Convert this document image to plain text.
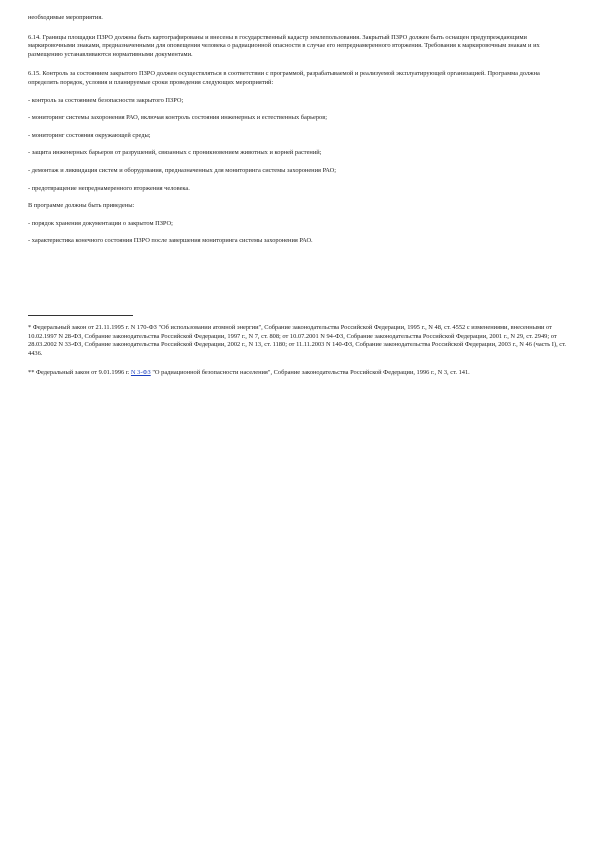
необходимые мероприятия.

6.14. Границы площадки ПЗРО должны быть картографированы и внесены в государственный кадастр землепользования. Закрытый ПЗРО должен быть оснащен предупреждающими маркировочными знаками, предназначенными для оповещения человека о радиационной опасности в случае его непреднамеренного вторжения. Требования к маркировочным знакам и их размещению устанавливаются нормативными документами.

6.15. Контроль за состоянием закрытого ПЗРО должен осуществляться в соответствии с программой, разрабатываемой и реализуемой эксплуатирующей организацией. Программа должна определять порядок, условия и планируемые сроки проведения следующих мероприятий:

- контроль за состоянием безопасности закрытого ПЗРО;

- мониторинг системы захоронения РАО, включая контроль состояния инженерных и естественных барьеров;

- мониторинг состояния окружающей среды;

- защита инженерных барьеров от разрушений, связанных с проникновением животных и корней растений;

- демонтаж и ликвидация систем и оборудования, предназначенных для мониторинга системы захоронения РАО;

- предотвращение непреднамеренного вторжения человека.

В программе должны быть приведены:

- порядок хранения документации о закрытом ПЗРО;

- характеристика конечного состояния ПЗРО после завершения мониторинга системы захоронения РАО.

* Федеральный закон от 21.11.1995 г. N 170-ФЗ "Об использовании атомной энергии", Собрание законодательства Российской Федерации, 1995 г., N 48, ст. 4552 с изменениями, внесенными от 10.02.1997 N 28-ФЗ, Собрание законодательства Российской Федерации, 1997 г., N 7, ст. 808; от 10.07.2001 N 94-ФЗ, Собрание законодательства Российской Федерации, 2001 г., N 29, ст. 2949; от 28.03.2002 N 33-ФЗ, Собрание законодательства Российской Федерации, 2002 г., N 13, ст. 1180; от 11.11.2003 N 140-ФЗ, Собрание законодательства Российской Федерации, 2003 г., N 46 (часть I), ст. 4436.

** Федеральный закон от 9.01.1996 г. N 3-ФЗ "О радиационной безопасности населения", Собрание законодательства Российской Федерации, 1996 г., N 3, ст. 141.
